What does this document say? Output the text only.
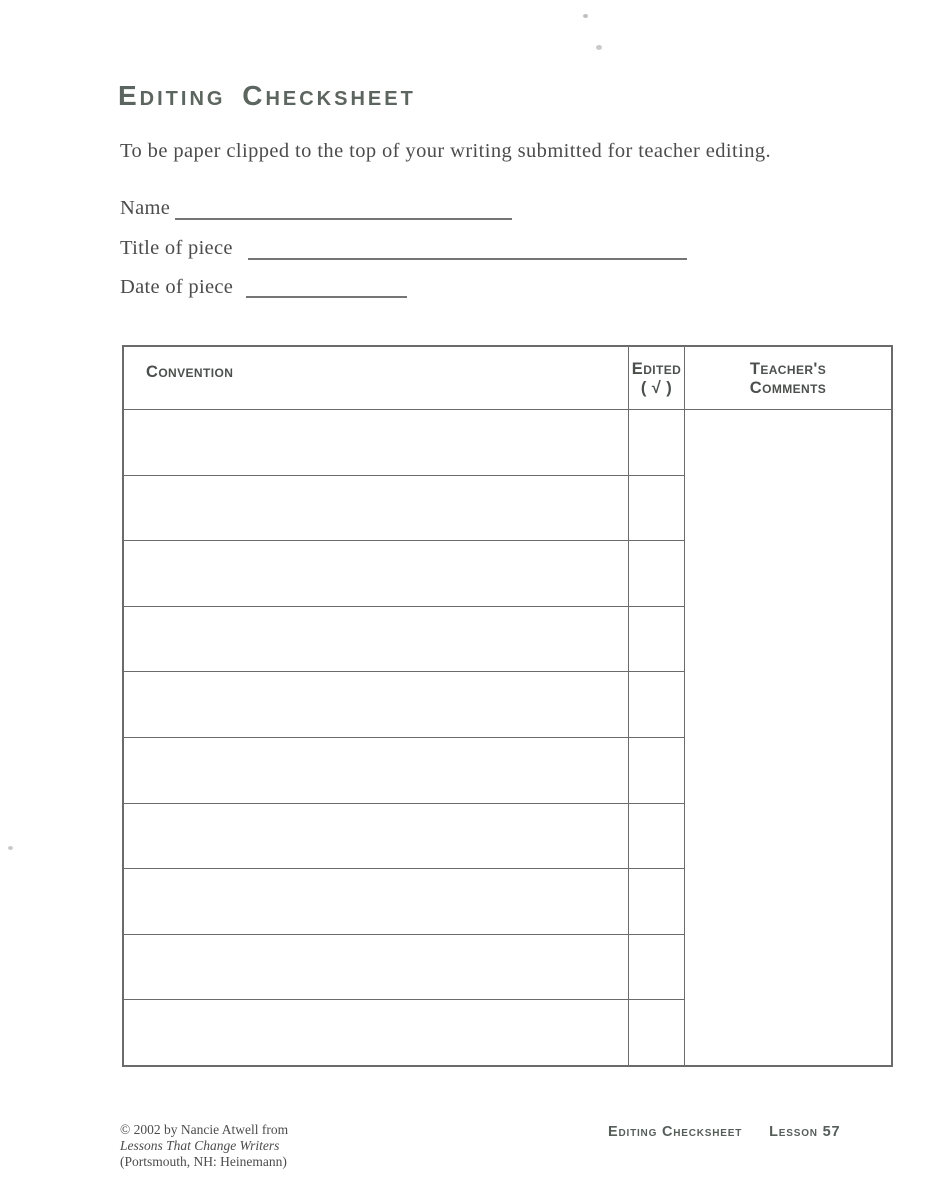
Editing Checksheet

To be paper clipped to the top of your writing submitted for teacher editing.

Name
Title of piece
Date of piece
Convention	Edited
( √ )
Teacher's
Comments
© 2002 by Nancie Atwell from
Lessons That Change Writers
(Portsmouth, NH: Heinemann)
Editing Checksheet Lesson 57
